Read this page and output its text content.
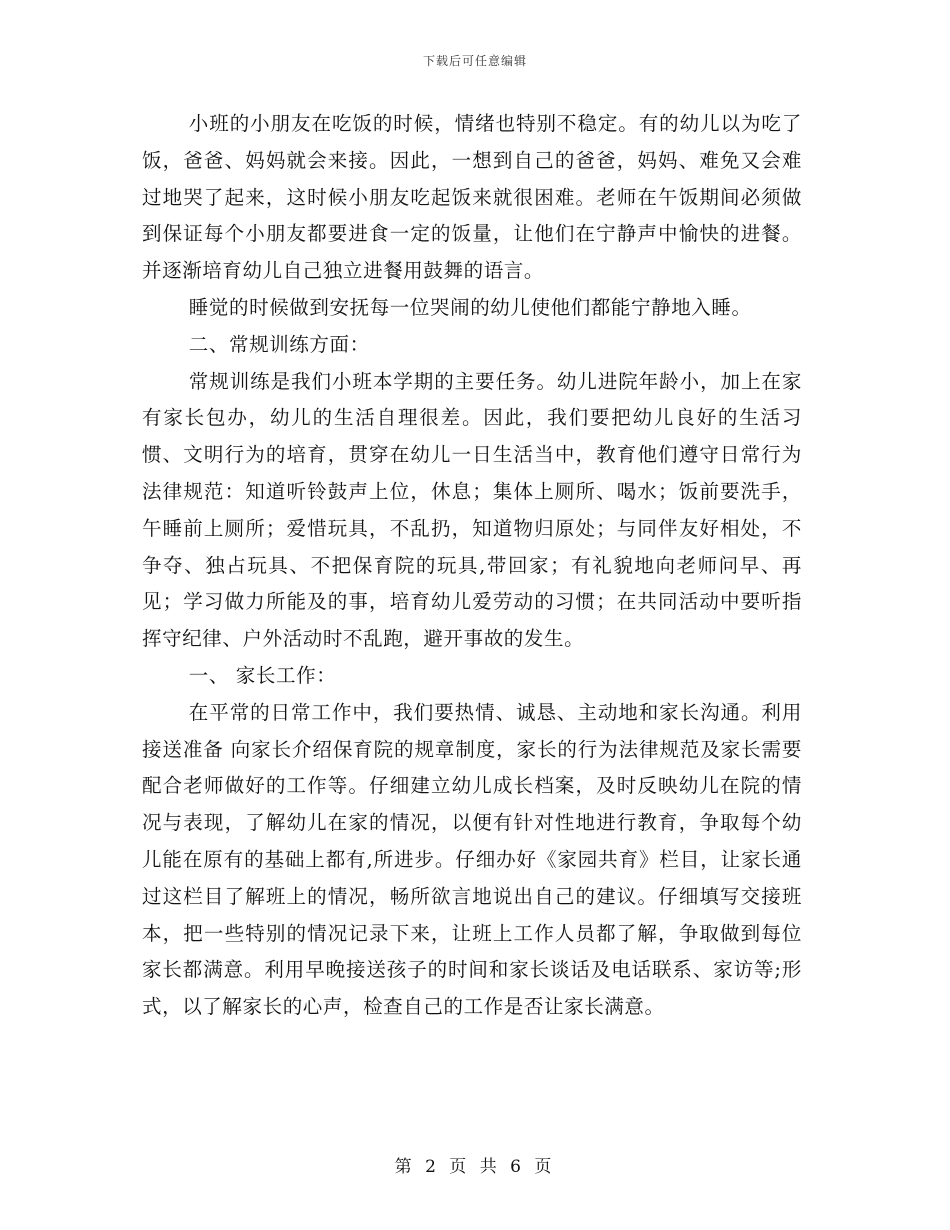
下载后可任意编辑

小班的小朋友在吃饭的时候，情绪也特别不稳定。有的幼儿以为吃了饭，爸爸、妈妈就会来接。因此，一想到自己的爸爸，妈妈、难免又会难过地哭了起来，这时候小朋友吃起饭来就很困难。老师在午饭期间必须做到保证每个小朋友都要进食一定的饭量，让他们在宁静声中愉快的进餐。并逐渐培育幼儿自己独立进餐用鼓舞的语言。

睡觉的时候做到安抚每一位哭闹的幼儿使他们都能宁静地入睡。

二、常规训练方面：

常规训练是我们小班本学期的主要任务。幼儿进院年龄小，加上在家有家长包办，幼儿的生活自理很差。因此，我们要把幼儿良好的生活习惯、文明行为的培育，贯穿在幼儿一日生活当中，教育他们遵守日常行为法律规范：知道听铃鼓声上位，休息；集体上厕所、喝水；饭前要洗手，午睡前上厕所；爱惜玩具，不乱扔，知道物归原处；与同伴友好相处，不争夺、独占玩具、不把保育院的玩具,带回家；有礼貌地向老师问早、再见；学习做力所能及的事，培育幼儿爱劳动的习惯；在共同活动中要听指挥守纪律、户外活动时不乱跑，避开事故的发生。

一、 家长工作：

在平常的日常工作中，我们要热情、诚恳、主动地和家长沟通。利用 接送准备 向家长介绍保育院的规章制度，家长的行为法律规范及家长需要配合老师做好的工作等。仔细建立幼儿成长档案，及时反映幼儿在院的情况与表现，了解幼儿在家的情况，以便有针对性地进行教育，争取每个幼儿能在原有的基础上都有,所进步。仔细办好《家园共育》栏目，让家长通过这栏目了解班上的情况，畅所欲言地说出自己的建议。仔细填写交接班本，把一些特别的情况记录下来，让班上工作人员都了解，争取做到每位家长都满意。利用早晚接送孩子的时间和家长谈话及电话联系、家访等;形式，以了解家长的心声，检查自己的工作是否让家长满意。

第 2 页 共 6 页
